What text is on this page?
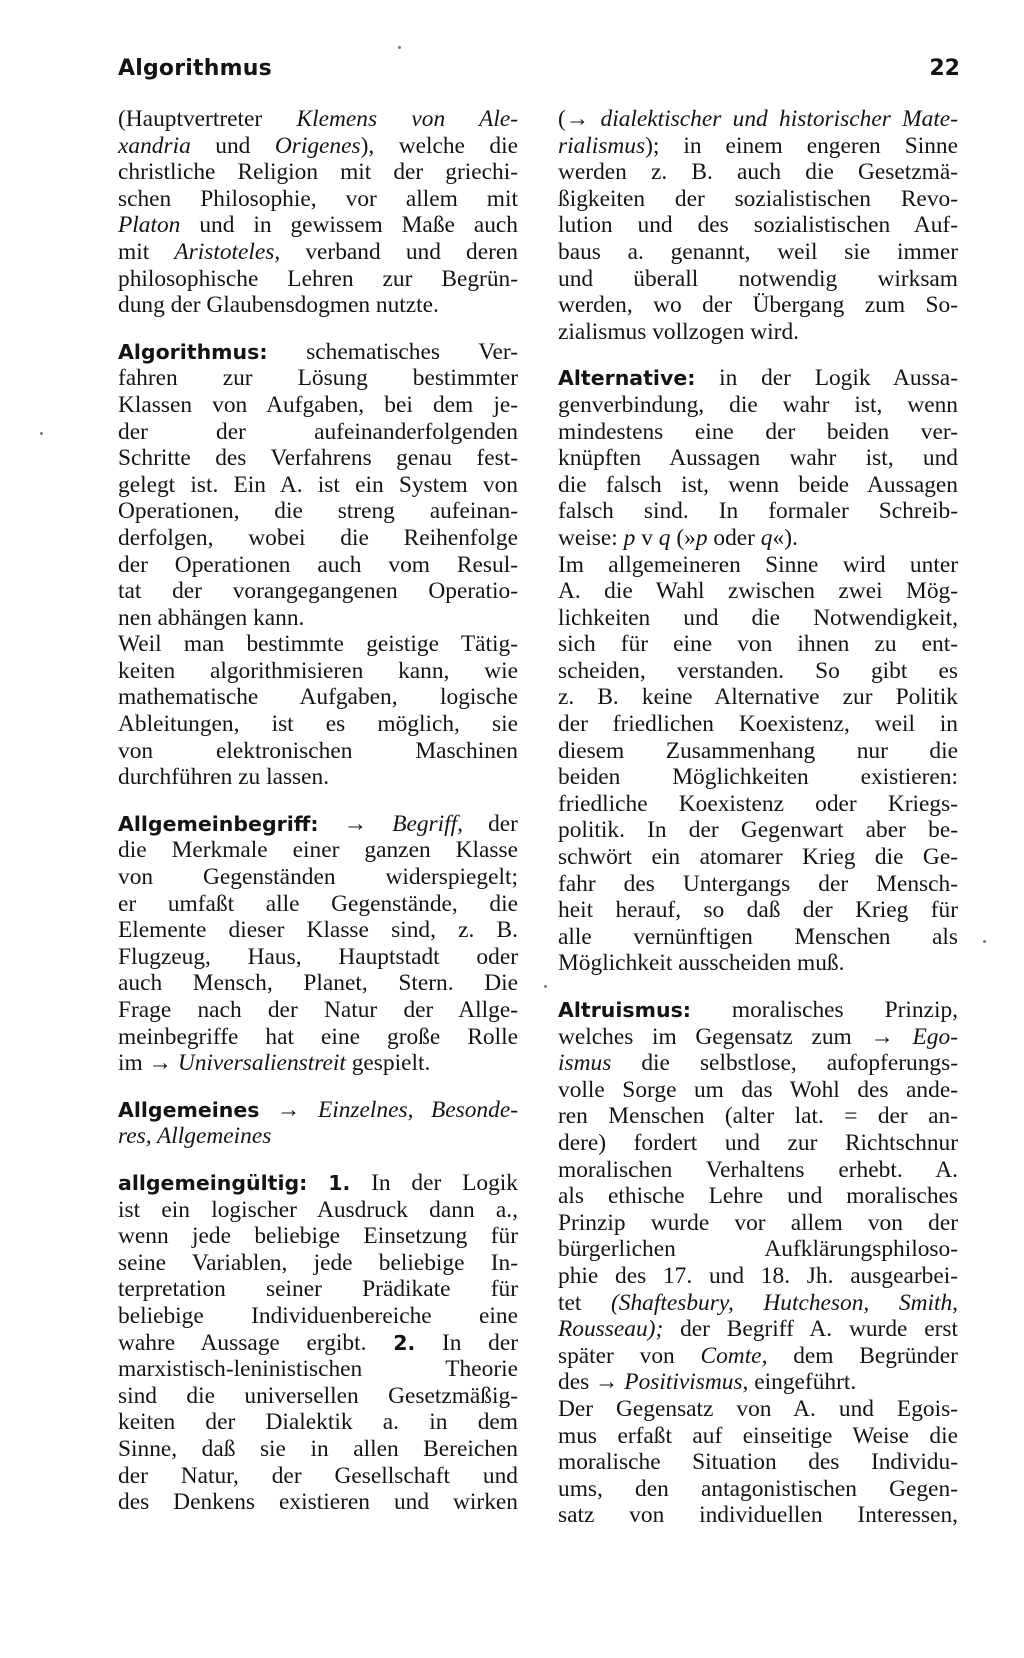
Algorithmus	22
(Hauptvertreter Klemens von Ale-
xandria und Origenes), welche die
christliche Religion mit der griechi-
schen Philosophie, vor allem mit
Platon und in gewissem Maße auch
mit Aristoteles, verband und deren
philosophische Lehren zur Begrün-
dung der Glaubensdogmen nutzte.
Algorithmus: schematisches Ver-
fahren zur Lösung bestimmter
Klassen von Aufgaben, bei dem je-
der der aufeinanderfolgenden
Schritte des Verfahrens genau fest-
gelegt ist. Ein A. ist ein System von
Operationen, die streng aufeinan-
derfolgen, wobei die Reihenfolge
der Operationen auch vom Resul-
tat der vorangegangenen Operatio-
nen abhängen kann.
Weil man bestimmte geistige Tätig-
keiten algorithmisieren kann, wie
mathematische Aufgaben, logische
Ableitungen, ist es möglich, sie
von elektronischen Maschinen
durchführen zu lassen.
Allgemeinbegriff: → Begriff, der
die Merkmale einer ganzen Klasse
von Gegenständen widerspiegelt;
er umfaßt alle Gegenstände, die
Elemente dieser Klasse sind, z. B.
Flugzeug, Haus, Hauptstadt oder
auch Mensch, Planet, Stern. Die
Frage nach der Natur der Allge-
meinbegriffe hat eine große Rolle
im → Universalienstreit gespielt.
Allgemeines → Einzelnes, Besonde-
res, Allgemeines
allgemeingültig: 1. In der Logik
ist ein logischer Ausdruck dann a.,
wenn jede beliebige Einsetzung für
seine Variablen, jede beliebige In-
terpretation seiner Prädikate für
beliebige Individuenbereiche eine
wahre Aussage ergibt. 2. In der
marxistisch-leninistischen Theorie
sind die universellen Gesetzmäßig-
keiten der Dialektik a. in dem
Sinne, daß sie in allen Bereichen
der Natur, der Gesellschaft und
des Denkens existieren und wirken
(→ dialektischer und historischer Mate-
rialismus); in einem engeren Sinne
werden z. B. auch die Gesetzmä-
ßigkeiten der sozialistischen Revo-
lution und des sozialistischen Auf-
baus a. genannt, weil sie immer
und überall notwendig wirksam
werden, wo der Übergang zum So-
zialismus vollzogen wird.
Alternative: in der Logik Aussa-
genverbindung, die wahr ist, wenn
mindestens eine der beiden ver-
knüpften Aussagen wahr ist, und
die falsch ist, wenn beide Aussagen
falsch sind. In formaler Schreib-
weise: p v q (»p oder q«).
Im allgemeineren Sinne wird unter
A. die Wahl zwischen zwei Mög-
lichkeiten und die Notwendigkeit,
sich für eine von ihnen zu ent-
scheiden, verstanden. So gibt es
z. B. keine Alternative zur Politik
der friedlichen Koexistenz, weil in
diesem Zusammenhang nur die
beiden Möglichkeiten existieren:
friedliche Koexistenz oder Kriegs-
politik. In der Gegenwart aber be-
schwört ein atomarer Krieg die Ge-
fahr des Untergangs der Mensch-
heit herauf, so daß der Krieg für
alle vernünftigen Menschen als
Möglichkeit ausscheiden muß.
Altruismus: moralisches Prinzip,
welches im Gegensatz zum → Ego-
ismus die selbstlose, aufopferungs-
volle Sorge um das Wohl des ande-
ren Menschen (alter lat. = der an-
dere) fordert und zur Richtschnur
moralischen Verhaltens erhebt. A.
als ethische Lehre und moralisches
Prinzip wurde vor allem von der
bürgerlichen Aufklärungsphiloso-
phie des 17. und 18. Jh. ausgearbei-
tet (Shaftesbury, Hutcheson, Smith,
Rousseau); der Begriff A. wurde erst
später von Comte, dem Begründer
des → Positivismus, eingeführt.
Der Gegensatz von A. und Egois-
mus erfaßt auf einseitige Weise die
moralische Situation des Individu-
ums, den antagonistischen Gegen-
satz von individuellen Interessen,
